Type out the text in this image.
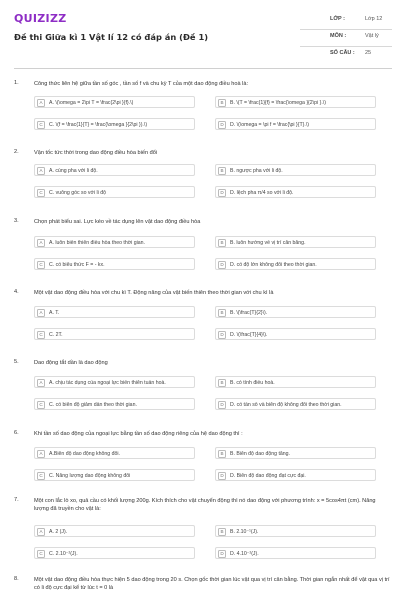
QUIZIZZ
Đề thi Giữa kì 1 Vật lí 12 có đáp án (Đề 1)
LỚP :	Lớp 12
MÔN :	Vật lý
SỐ CÂU : 25
1.	Công thức liên hệ giữa tần số góc , tần số f và chu kỳ T của một dao động điều hoà là:
A	A. \(\omega = 2\pi T = \frac{2\pi }{f}.\)	B	B. \(T = \frac{1}{f} = \frac{\omega }{2\pi }.\)
C	C. \(f = \frac{1}{T} = \frac{\omega }{2\pi }).\)	D	D. \(\omega = \pi f = \frac{\pi }{T}.\)
2.	Vận tốc tức thời trong dao động điều hòa biến đổi
A	A. cùng pha với li độ.	B	B. ngược pha với li độ.
C	C. vuông góc so với li độ	D	D. lệch pha π/4 so với li độ.
3.	Chọn phát biểu sai. Lực kéo về tác dụng lên vật dao động điều hòa
A	A. luôn biến thiên điều hòa theo thời gian.	B	B. luôn hướng về vị trí cân bằng.
C	C. có biểu thức F = - kx.	D	D. có độ lớn không đổi theo thời gian.
4.	Một vật dao động điều hòa với chu kì T. Động năng của vật biến thiên theo thời gian với chu kì là
A	A. T.	B	B. \(\frac{T}{2}\).
C	C. 2T.	D	D. \(\frac{T}{4}\).
5.	Dao động tắt dần là dao động
A	A. chịu tác dụng của ngoại lực biến thiên tuần hoà.	B	B. có tính điều hoà.
C	C. có biên độ giảm dần theo thời gian.	D	D. có tần số và biên độ không đổi theo thời gian.
6.	Khi tần số dao động của ngoại lực bằng tần số dao động riêng của hệ dao động thì :
A	A.Biên độ dao động không đổi.	B	B. Biên độ dao động tăng.
C	C. Năng lượng dao động không đổi	D	D. Biên độ dao động đạt cực đại.
7.	Một con lắc lò xo, quả cầu có khối lượng 200g. Kích thích cho vật chuyển động thì nó dao động với phương trình: x = 5cos4πt (cm). Năng lượng đã truyền cho vật là:
A	A. 2 (J).	B	B. 2.10⁻¹(J).
C	C. 2.10⁻²(J).	D	D. 4.10⁻²(J).
8.	Một vật dao động điều hòa thực hiện 5 dao động trong 20 s. Chọn gốc thời gian lúc vật qua vị trí cân bằng. Thời gian ngắn nhất để vật qua vị trí có li độ cực đại kể từ lúc t = 0 là
